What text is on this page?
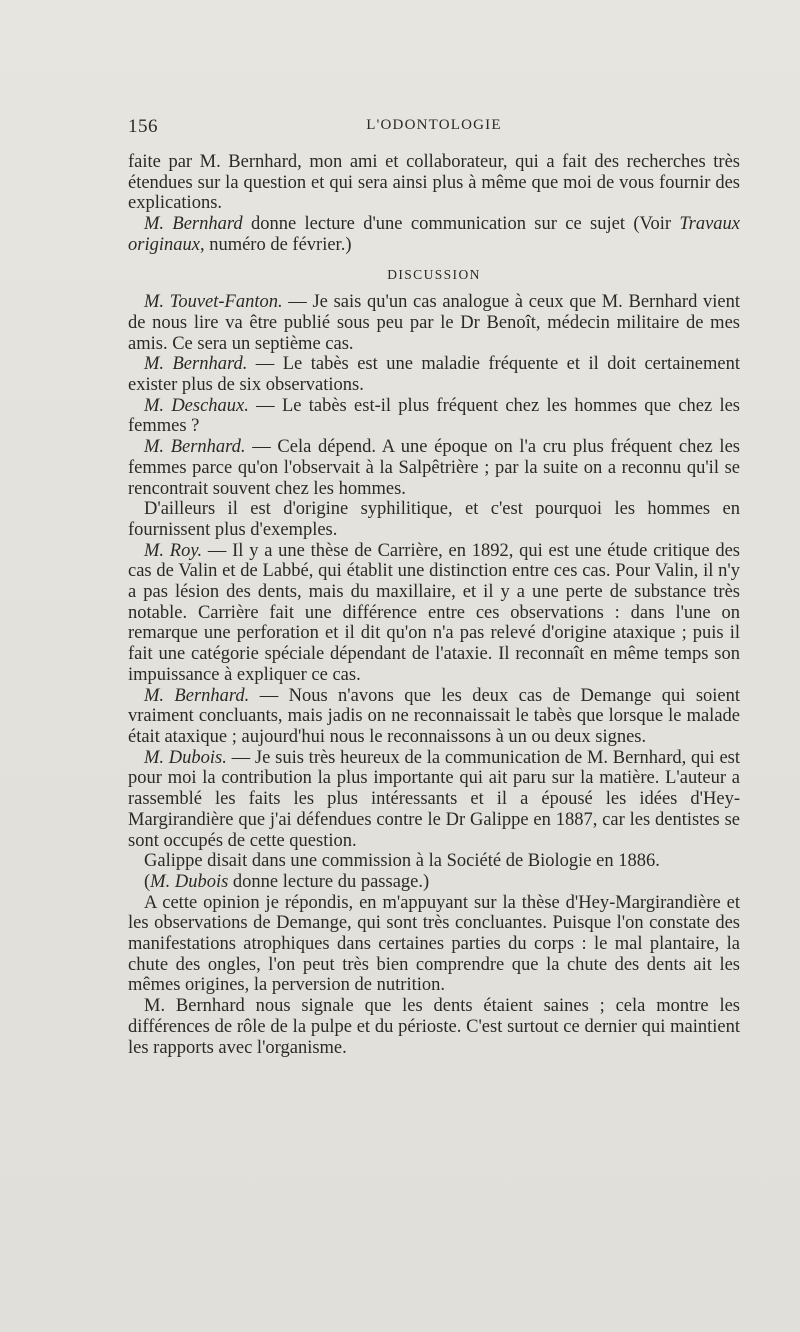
156	L'ODONTOLOGIE

faite par M. Bernhard, mon ami et collaborateur, qui a fait des recherches très étendues sur la question et qui sera ainsi plus à même que moi de vous fournir des explications.

M. Bernhard donne lecture d'une communication sur ce sujet (Voir Travaux originaux, numéro de février.)

DISCUSSION

M. Touvet-Fanton. — Je sais qu'un cas analogue à ceux que M. Bernhard vient de nous lire va être publié sous peu par le Dr Benoît, médecin militaire de mes amis. Ce sera un septième cas.

M. Bernhard. — Le tabès est une maladie fréquente et il doit certainement exister plus de six observations.

M. Deschaux. — Le tabès est-il plus fréquent chez les hommes que chez les femmes ?

M. Bernhard. — Cela dépend. A une époque on l'a cru plus fréquent chez les femmes parce qu'on l'observait à la Salpêtrière ; par la suite on a reconnu qu'il se rencontrait souvent chez les hommes.

D'ailleurs il est d'origine syphilitique, et c'est pourquoi les hommes en fournissent plus d'exemples.

M. Roy. — Il y a une thèse de Carrière, en 1892, qui est une étude critique des cas de Valin et de Labbé, qui établit une distinction entre ces cas. Pour Valin, il n'y a pas lésion des dents, mais du maxillaire, et il y a une perte de substance très notable. Carrière fait une différence entre ces observations : dans l'une on remarque une perforation et il dit qu'on n'a pas relevé d'origine ataxique ; puis il fait une catégorie spéciale dépendant de l'ataxie. Il reconnaît en même temps son impuissance à expliquer ce cas.

M. Bernhard. — Nous n'avons que les deux cas de Demange qui soient vraiment concluants, mais jadis on ne reconnaissait le tabès que lorsque le malade était ataxique ; aujourd'hui nous le reconnaissons à un ou deux signes.

M. Dubois. — Je suis très heureux de la communication de M. Bernhard, qui est pour moi la contribution la plus importante qui ait paru sur la matière. L'auteur a rassemblé les faits les plus intéressants et il a épousé les idées d'Hey-Margirandière que j'ai défendues contre le Dr Galippe en 1887, car les dentistes se sont occupés de cette question.

Galippe disait dans une commission à la Société de Biologie en 1886.

(M. Dubois donne lecture du passage.)

A cette opinion je répondis, en m'appuyant sur la thèse d'Hey-Margirandière et les observations de Demange, qui sont très concluantes. Puisque l'on constate des manifestations atrophiques dans certaines parties du corps : le mal plantaire, la chute des ongles, l'on peut très bien comprendre que la chute des dents ait les mêmes origines, la perversion de nutrition.

M. Bernhard nous signale que les dents étaient saines ; cela montre les différences de rôle de la pulpe et du périoste. C'est surtout ce dernier qui maintient les rapports avec l'organisme.
